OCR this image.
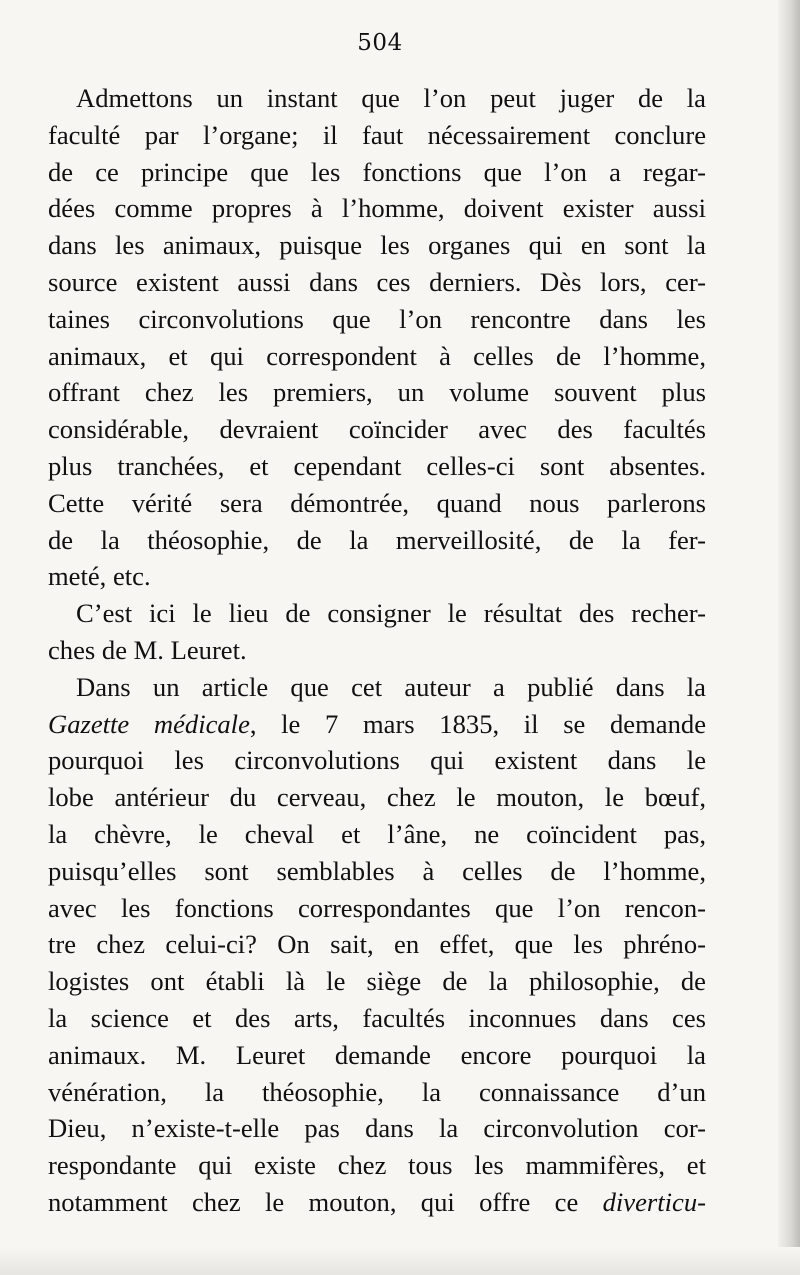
504
Admettons un instant que l’on peut juger de la
faculté par l’organe; il faut nécessairement conclure
de ce principe que les fonctions que l’on a regar-
dées comme propres à l’homme, doivent exister aussi
dans les animaux, puisque les organes qui en sont la
source existent aussi dans ces derniers. Dès lors, cer-
taines circonvolutions que l’on rencontre dans les
animaux, et qui correspondent à celles de l’homme,
offrant chez les premiers, un volume souvent plus
considérable, devraient coïncider avec des facultés
plus tranchées, et cependant celles-ci sont absentes.
Cette vérité sera démontrée, quand nous parlerons
de la théosophie, de la merveillosité, de la fer-
meté, etc.
C’est ici le lieu de consigner le résultat des recher-
ches de M. Leuret.
Dans un article que cet auteur a publié dans la
Gazette médicale, le 7 mars 1835, il se demande
pourquoi les circonvolutions qui existent dans le
lobe antérieur du cerveau, chez le mouton, le bœuf,
la chèvre, le cheval et l’âne, ne coïncident pas,
puisqu’elles sont semblables à celles de l’homme,
avec les fonctions correspondantes que l’on rencon-
tre chez celui-ci? On sait, en effet, que les phréno-
logistes ont établi là le siège de la philosophie, de
la science et des arts, facultés inconnues dans ces
animaux. M. Leuret demande encore pourquoi la
vénération, la théosophie, la connaissance d’un
Dieu, n’existe-t-elle pas dans la circonvolution cor-
respondante qui existe chez tous les mammifères, et
notamment chez le mouton, qui offre ce diverticu-
